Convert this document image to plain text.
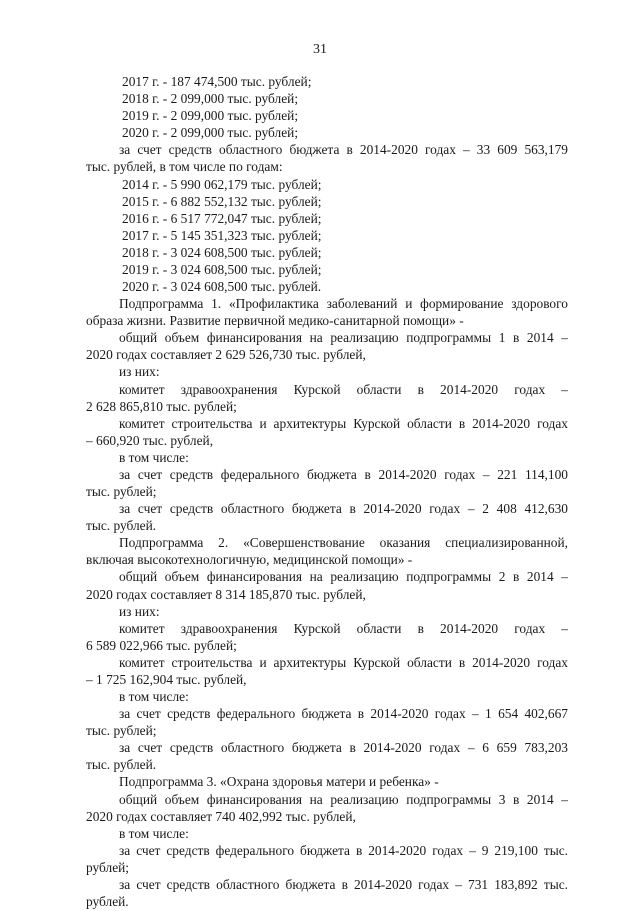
31
2017 г. - 187 474,500 тыс. рублей;
2018 г. - 2 099,000 тыс. рублей;
2019 г. - 2 099,000 тыс. рублей;
2020 г. - 2 099,000 тыс. рублей;
за счет средств областного бюджета в 2014-2020 годах – 33 609 563,179
тыс. рублей, в том числе по годам:
2014 г. - 5 990 062,179 тыс. рублей;
2015 г. - 6 882 552,132 тыс. рублей;
2016 г. - 6 517 772,047 тыс. рублей;
2017 г. - 5 145 351,323 тыс. рублей;
2018 г. - 3 024 608,500 тыс. рублей;
2019 г. - 3 024 608,500 тыс. рублей;
2020 г. - 3 024 608,500 тыс. рублей.
Подпрограмма 1. «Профилактика заболеваний и формирование здорового
образа жизни. Развитие первичной медико-санитарной помощи» -
общий объем финансирования на реализацию подпрограммы 1 в 2014 –
2020 годах составляет 2 629 526,730 тыс. рублей,
из них:
комитет здравоохранения Курской области в 2014-2020 годах –
2 628 865,810 тыс. рублей;
комитет строительства и архитектуры Курской области в 2014-2020 годах
– 660,920 тыс. рублей,
в том числе:
за счет средств федерального бюджета в 2014-2020 годах – 221 114,100
тыс. рублей;
за счет средств областного бюджета в 2014-2020 годах – 2 408 412,630
тыс. рублей.
Подпрограмма 2. «Совершенствование оказания специализированной,
включая высокотехнологичную, медицинской помощи» -
общий объем финансирования на реализацию подпрограммы 2 в 2014 –
2020 годах составляет 8 314 185,870 тыс. рублей,
из них:
комитет здравоохранения Курской области в 2014-2020 годах –
6 589 022,966 тыс. рублей;
комитет строительства и архитектуры Курской области в 2014-2020 годах
– 1 725 162,904 тыс. рублей,
в том числе:
за счет средств федерального бюджета в 2014-2020 годах – 1 654 402,667
тыс. рублей;
за счет средств областного бюджета в 2014-2020 годах – 6 659 783,203
тыс. рублей.
Подпрограмма 3. «Охрана здоровья матери и ребенка» -
общий объем финансирования на реализацию подпрограммы 3 в 2014 –
2020 годах составляет 740 402,992 тыс. рублей,
в том числе:
за счет средств федерального бюджета в 2014-2020 годах – 9 219,100 тыс.
рублей;
за счет средств областного бюджета в 2014-2020 годах – 731 183,892 тыс.
рублей.
